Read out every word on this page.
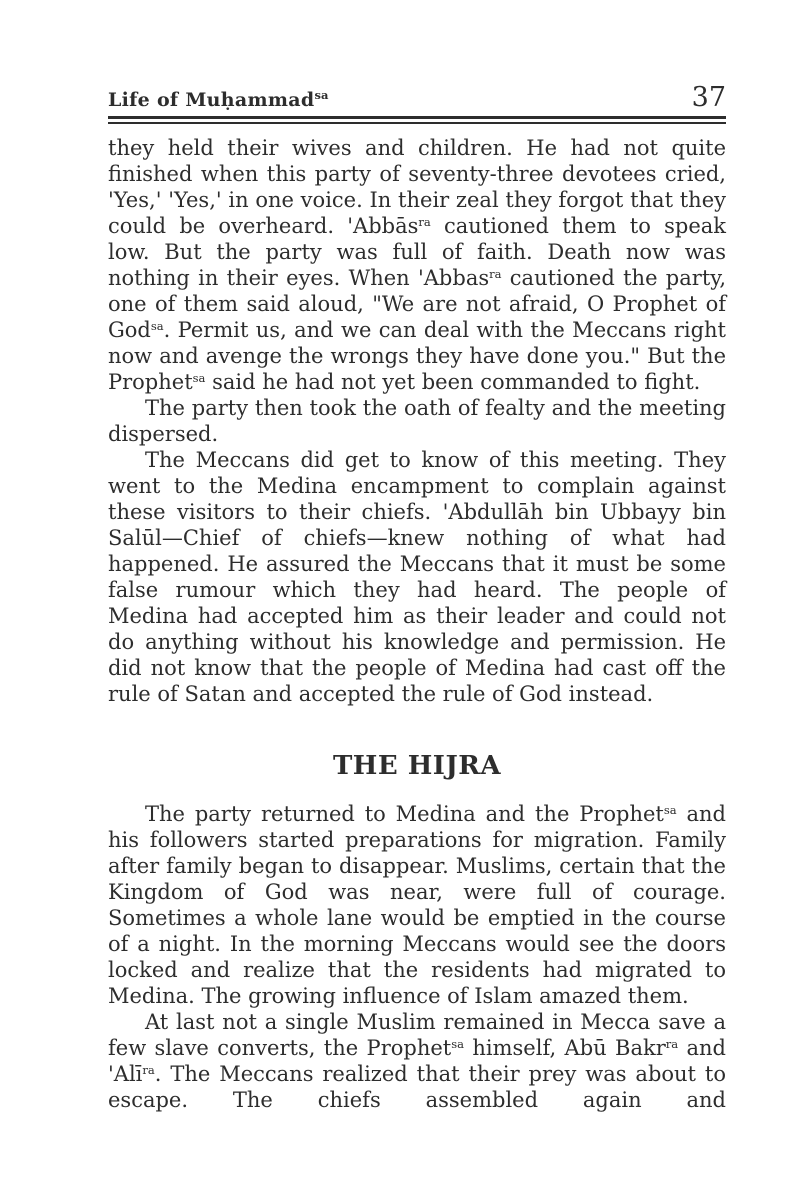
Life of Muḥammad$^{sa}$	37

they held their wives and children. He had not quite finished when this party of seventy-three devotees cried, 'Yes,' 'Yes,' in one voice. In their zeal they forgot that they could be overheard. 'Abbās$^{ra}$ cautioned them to speak low. But the party was full of faith. Death now was nothing in their eyes. When 'Abbas$^{ra}$ cautioned the party, one of them said aloud, "We are not afraid, O Prophet of God$^{sa}$. Permit us, and we can deal with the Meccans right now and avenge the wrongs they have done you." But the Prophet$^{sa}$ said he had not yet been commanded to fight.

The party then took the oath of fealty and the meeting dispersed.

The Meccans did get to know of this meeting. They went to the Medina encampment to complain against these visitors to their chiefs. 'Abdullāh bin Ubbayy bin Salūl—Chief of chiefs—knew nothing of what had happened. He assured the Meccans that it must be some false rumour which they had heard. The people of Medina had accepted him as their leader and could not do anything without his knowledge and permission. He did not know that the people of Medina had cast off the rule of Satan and accepted the rule of God instead.

THE HIJRA

The party returned to Medina and the Prophet$^{sa}$ and his followers started preparations for migration. Family after family began to disappear. Muslims, certain that the Kingdom of God was near, were full of courage. Sometimes a whole lane would be emptied in the course of a night. In the morning Meccans would see the doors locked and realize that the residents had migrated to Medina. The growing influence of Islam amazed them.

At last not a single Muslim remained in Mecca save a few slave converts, the Prophet$^{sa}$ himself, Abū Bakr$^{ra}$ and 'Alī$^{ra}$. The Meccans realized that their prey was about to escape. The chiefs assembled again and
